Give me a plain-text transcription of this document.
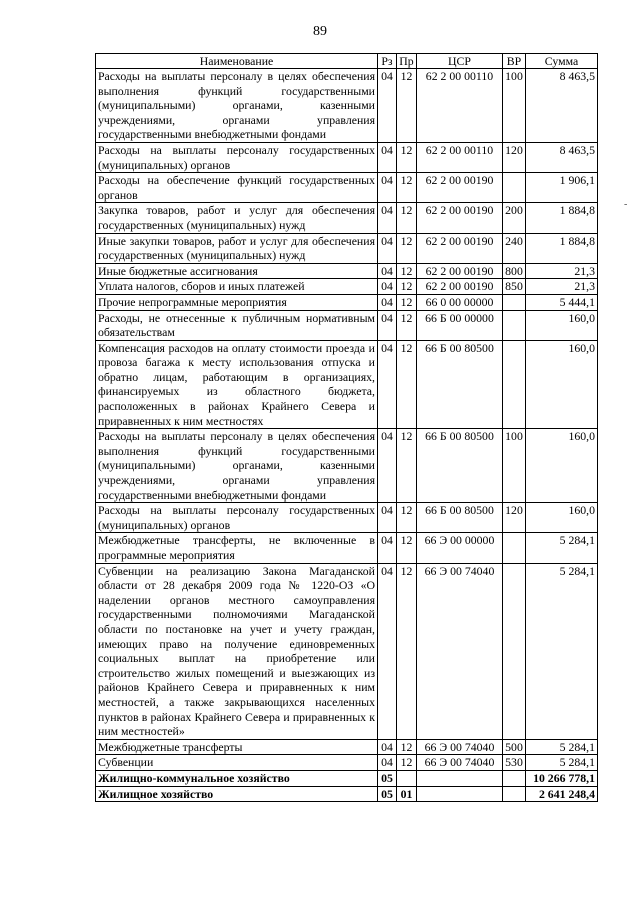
89
-
Наименование	Рз	Пр	ЦСР	ВР	Сумма
Расходы на выплаты персоналу в целях обеспечения выполнения функций государственными (муниципальными) органами, казенными учреждениями, органами управления государственными внебюджетными фондами	04	12	62 2 00 00110	100	8 463,5
Расходы на выплаты персоналу государственных (муниципальных) органов	04	12	62 2 00 00110	120	8 463,5
Расходы на обеспечение функций государственных органов	04	12	62 2 00 00190		1 906,1
Закупка товаров, работ и услуг для обеспечения государственных (муниципальных) нужд	04	12	62 2 00 00190	200	1 884,8
Иные закупки товаров, работ и услуг для обеспечения государственных (муниципальных) нужд	04	12	62 2 00 00190	240	1 884,8
Иные бюджетные ассигнования	04	12	62 2 00 00190	800	21,3
Уплата налогов, сборов и иных платежей	04	12	62 2 00 00190	850	21,3
Прочие непрограммные мероприятия	04	12	66 0 00 00000		5 444,1
Расходы, не отнесенные к публичным нормативным обязательствам	04	12	66 Б 00 00000		160,0
Компенсация расходов на оплату стоимости проезда и провоза багажа к месту использования отпуска и обратно лицам, работающим в организациях, финансируемых из областного бюджета, расположенных в районах Крайнего Севера и приравненных к ним местностях	04	12	66 Б 00 80500		160,0
Расходы на выплаты персоналу в целях обеспечения выполнения функций государственными (муниципальными) органами, казенными учреждениями, органами управления государственными внебюджетными фондами	04	12	66 Б 00 80500	100	160,0
Расходы на выплаты персоналу государственных (муниципальных) органов	04	12	66 Б 00 80500	120	160,0
Межбюджетные трансферты, не включенные в программные мероприятия	04	12	66 Э 00 00000		5 284,1
Субвенции на реализацию Закона Магаданской области от 28 декабря 2009 года № 1220-ОЗ «О наделении органов местного самоуправления государственными полномочиями Магаданской области по постановке на учет и учету граждан, имеющих право на получение единовременных социальных выплат на приобретение или строительство жилых помещений и выезжающих из районов Крайнего Севера и приравненных к ним местностей, а также закрывающихся населенных пунктов в районах Крайнего Севера и приравненных к ним местностей»	04	12	66 Э 00 74040		5 284,1
Межбюджетные трансферты	04	12	66 Э 00 74040	500	5 284,1
Субвенции	04	12	66 Э 00 74040	530	5 284,1
Жилищно-коммунальное хозяйство	05				10 266 778,1
Жилищное хозяйство	05	01			2 641 248,4
